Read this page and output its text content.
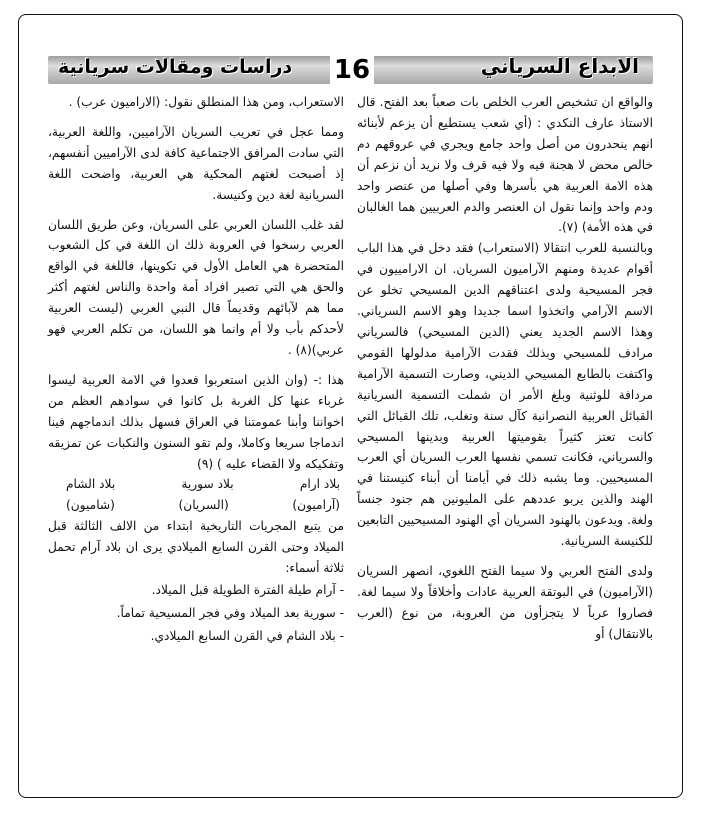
الابداع السرياني
دراسات ومقالات سريانية 16

والواقع ان تشخيص العرب الخلص بات صعباً بعد الفتح. قال الاستاذ عارف النكدي : (أي شعب يستطيع أن يزعم لأبنائه انهم ينحدرون من أصل واحد جامع ويجري في عروقهم دم خالص محض لا هجنة فيه ولا فيه قرف ولا نريد أن نزعم أن هذه الامة العربية هي بأسرها وفي أصلها من عنصر واحد ودم واحد وإنما نقول ان العنصر والدم العربيين هما الغالبان في هذه الأمة) (٧).

وبالنسبة للعرب انتقالا (الاستعراب) فقد دخل في هذا الباب أقوام عديدة ومنهم الآراميون السريان. ان الارامييون في فجر المسيحية ولدى اعتناقهم الدين المسيحي تخلو عن الاسم الآرامي واتخذوا اسما جديدا وهو الاسم السرياني. وهذا الاسم الجديد يعني (الدين المسيحي) فالسرياني مرادف للمسيحي وبذلك فقدت الآرامية مدلولها القومي واكتفت بالطابع المسيحي الديني، وصارت التسمية الآرامية مردافة للوثنية وبلغ الأمر ان شملت التسمية السريانية القبائل العربية النصرانية كآل سنة وتغلب، تلك القبائل التي كانت تعتز كثيراً بقوميتها العربية وبدينها المسيحي والسرياني، فكانت تسمي نفسها العرب السريان أي العرب المسيحيين. وما يشبه ذلك في أيامنا أن أبناء كنيستنا في الهند والذين يربو عددهم على المليونين هم جنود جنساً ولغة. ويدعون بالهنود السريان أي الهنود المسيحيين التابعين للكنيسة السريانية.

ولدى الفتح العربي ولا سيما الفتح اللغوي، انصهر السريان (الآراميون) في البوتقة العربية عادات وأخلاقاً ولا سيما لغة. فصاروا عرباً لا يتجزأون من العروبة، من نوع (العرب بالانتقال) أو

الاستعراب، ومن هذا المنطلق نقول: (الاراميون عرب) .

ومما عجل في تعريب السريان الآراميين، واللغة العربية، التي سادت المرافق الاجتماعية كافة لدى الآراميين أنفسهم، إذ أصبحت لغتهم المحكية هي العربية، واضحت اللغة السريانية لغة دين وكنيسة.

لقد غلب اللسان العربي على السريان، وعن طريق اللسان العربي رسخوا في العروبة ذلك ان اللغة في كل الشعوب المتحضرة هي العامل الأول في تكوينها، فاللغة في الواقع والحق هي التي تصير افراد أمة واحدة والناس لغتهم أكثر مما هم لآبائهم وقديماً قال النبي العربي (ليست العربية لأحدكم بأب ولا أم وانما هو اللسان، من تكلم العربي فهو عربي)(٨) .

هذا :- (وان الذين استعربوا فعدوا في الامة العربية ليسوا غرباء عنها كل الغربة بل كانوا في سوادهم العظم من اخواننا وأبنا عمومتنا في العراق فسهل بذلك اندماجهم فينا اندماجا سريعا وكاملا، ولم تقو السنون والنكبات عن تمزيقه وتفكيكه ولا القضاء عليه ) (٩)

بلاد ارام
بلاد سورية
بلاد الشام
(آراميون)
(السريان)
(شاميون)

من يتبع المجريات التاريخية ابتداء من الالف الثالثة قبل الميلاد وحتى القرن السابع الميلادي يرى ان بلاد آرام تحمل ثلاثة أسماء:

- آرام طيلة الفترة الطويلة قبل الميلاد.
- سورية بعد الميلاد وفي فجر المسيحية تماماً.
- بلاد الشام في القرن السابع الميلادي.
